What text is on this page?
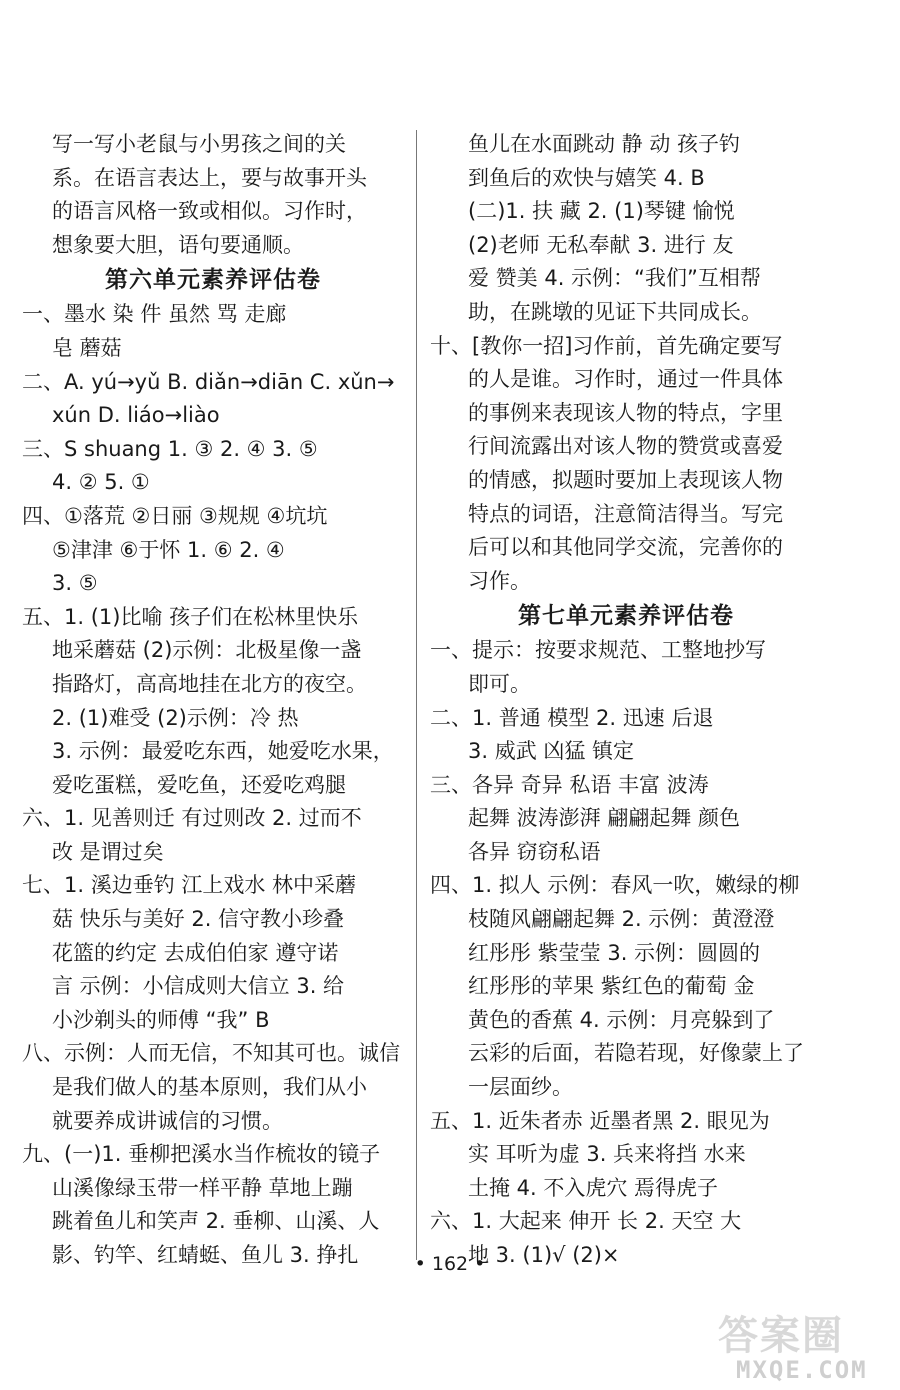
写一写小老鼠与小男孩之间的关
系。在语言表达上，要与故事开头
的语言风格一致或相似。习作时，
想象要大胆，语句要通顺。
第六单元素养评估卷
一、墨水 染 件 虽然 骂 走廊
皂 蘑菇
二、A. yú→yǔ B. diǎn→diān C. xǔn→
xún D. liáo→liào
三、S shuang 1. ③ 2. ④ 3. ⑤
4. ② 5. ①
四、①落荒 ②日丽 ③规规 ④坑坑
⑤津津 ⑥于怀 1. ⑥ 2. ④
3. ⑤
五、1. (1)比喻 孩子们在松林里快乐
地采蘑菇 (2)示例：北极星像一盏
指路灯，高高地挂在北方的夜空。
2. (1)难受 (2)示例：冷 热
3. 示例：最爱吃东西，她爱吃水果，
爱吃蛋糕，爱吃鱼，还爱吃鸡腿
六、1. 见善则迁 有过则改 2. 过而不
改 是谓过矣
七、1. 溪边垂钓 江上戏水 林中采蘑
菇 快乐与美好 2. 信守教小珍叠
花篮的约定 去成伯伯家 遵守诺
言 示例：小信成则大信立 3. 给
小沙剃头的师傅 “我” B
八、示例：人而无信，不知其可也。诚信
是我们做人的基本原则，我们从小
就要养成讲诚信的习惯。
九、(一)1. 垂柳把溪水当作梳妆的镜子
山溪像绿玉带一样平静 草地上蹦
跳着鱼儿和笑声 2. 垂柳、山溪、人
影、钓竿、红蜻蜓、鱼儿 3. 挣扎
鱼儿在水面跳动 静 动 孩子钓
到鱼后的欢快与嬉笑 4. B
(二)1. 扶 藏 2. (1)琴键 愉悦
(2)老师 无私奉献 3. 进行 友
爱 赞美 4. 示例：“我们”互相帮
助，在跳墩的见证下共同成长。
十、[教你一招]习作前，首先确定要写
的人是谁。习作时，通过一件具体
的事例来表现该人物的特点，字里
行间流露出对该人物的赞赏或喜爱
的情感，拟题时要加上表现该人物
特点的词语，注意简洁得当。写完
后可以和其他同学交流，完善你的
习作。
第七单元素养评估卷
一、提示：按要求规范、工整地抄写
即可。
二、1. 普通 模型 2. 迅速 后退
3. 威武 凶猛 镇定
三、各异 奇异 私语 丰富 波涛
起舞 波涛澎湃 翩翩起舞 颜色
各异 窃窃私语
四、1. 拟人 示例：春风一吹，嫩绿的柳
枝随风翩翩起舞 2. 示例：黄澄澄
红彤彤 紫莹莹 3. 示例：圆圆的
红彤彤的苹果 紫红色的葡萄 金
黄色的香蕉 4. 示例：月亮躲到了
云彩的后面，若隐若现，好像蒙上了
一层面纱。
五、1. 近朱者赤 近墨者黑 2. 眼见为
实 耳听为虚 3. 兵来将挡 水来
土掩 4. 不入虎穴 焉得虎子
六、1. 大起来 伸开 长 2. 天空 大
地 3. (1)√ (2)×
• 162 •
答案圈
MXQE.COM
